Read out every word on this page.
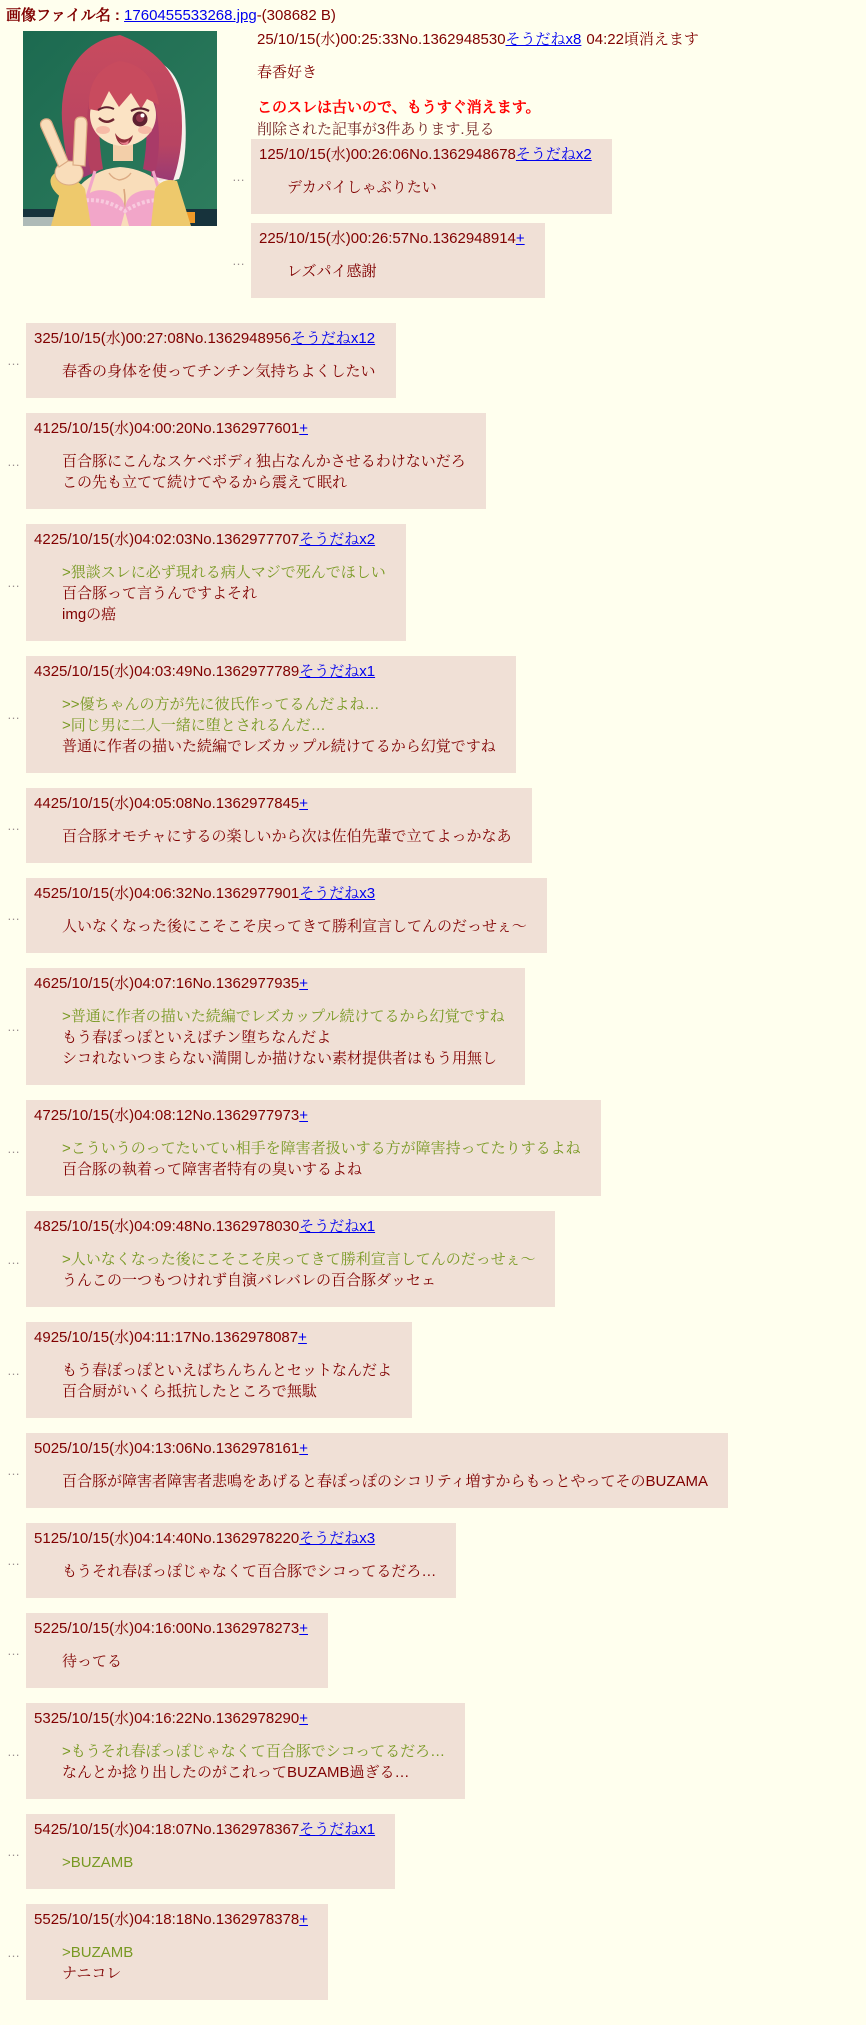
画像ファイル名 : 1760455533268.jpg-(308682 B)
25/10/15(水)00:25:33No.1362948530そうだねx8 04:22頃消えます
春香好き
このスレは古いので、もうすぐ消えます。
削除された記事が3件あります.見る
…
125/10/15(水)00:26:06No.1362948678そうだねx2
デカパイしゃぶりたい
…
225/10/15(水)00:26:57No.1362948914+
レズパイ感謝
…
325/10/15(水)00:27:08No.1362948956そうだねx12
春香の身体を使ってチンチン気持ちよくしたい
…
4125/10/15(水)04:00:20No.1362977601+
百合豚にこんなスケベボディ独占なんかさせるわけないだろ
この先も立てて続けてやるから震えて眠れ
…
4225/10/15(水)04:02:03No.1362977707そうだねx2
>猥談スレに必ず現れる病人マジで死んでほしい
百合豚って言うんですよそれ
imgの癌
…
4325/10/15(水)04:03:49No.1362977789そうだねx1
>>優ちゃんの方が先に彼氏作ってるんだよね…
>同じ男に二人一緒に堕とされるんだ…
普通に作者の描いた続編でレズカップル続けてるから幻覚ですね
…
4425/10/15(水)04:05:08No.1362977845+
百合豚オモチャにするの楽しいから次は佐伯先輩で立てよっかなあ
…
4525/10/15(水)04:06:32No.1362977901そうだねx3
人いなくなった後にこそこそ戻ってきて勝利宣言してんのだっせぇ～
…
4625/10/15(水)04:07:16No.1362977935+
>普通に作者の描いた続編でレズカップル続けてるから幻覚ですね
もう春ぽっぽといえばチン堕ちなんだよ
シコれないつまらない満開しか描けない素材提供者はもう用無し
…
4725/10/15(水)04:08:12No.1362977973+
>こういうのってたいてい相手を障害者扱いする方が障害持ってたりするよね
百合豚の執着って障害者特有の臭いするよね
…
4825/10/15(水)04:09:48No.1362978030そうだねx1
>人いなくなった後にこそこそ戻ってきて勝利宣言してんのだっせぇ～
うんこの一つもつけれず自演バレバレの百合豚ダッセェ
…
4925/10/15(水)04:11:17No.1362978087+
もう春ぽっぽといえばちんちんとセットなんだよ
百合厨がいくら抵抗したところで無駄
…
5025/10/15(水)04:13:06No.1362978161+
百合豚が障害者障害者悲鳴をあげると春ぽっぽのシコリティ増すからもっとやってそのBUZAMA
…
5125/10/15(水)04:14:40No.1362978220そうだねx3
もうそれ春ぽっぽじゃなくて百合豚でシコってるだろ…
…
5225/10/15(水)04:16:00No.1362978273+
待ってる
…
5325/10/15(水)04:16:22No.1362978290+
>もうそれ春ぽっぽじゃなくて百合豚でシコってるだろ…
なんとか捻り出したのがこれってBUZAMB過ぎる…
…
5425/10/15(水)04:18:07No.1362978367そうだねx1
>BUZAMB
…
5525/10/15(水)04:18:18No.1362978378+
>BUZAMB
ナニコレ
